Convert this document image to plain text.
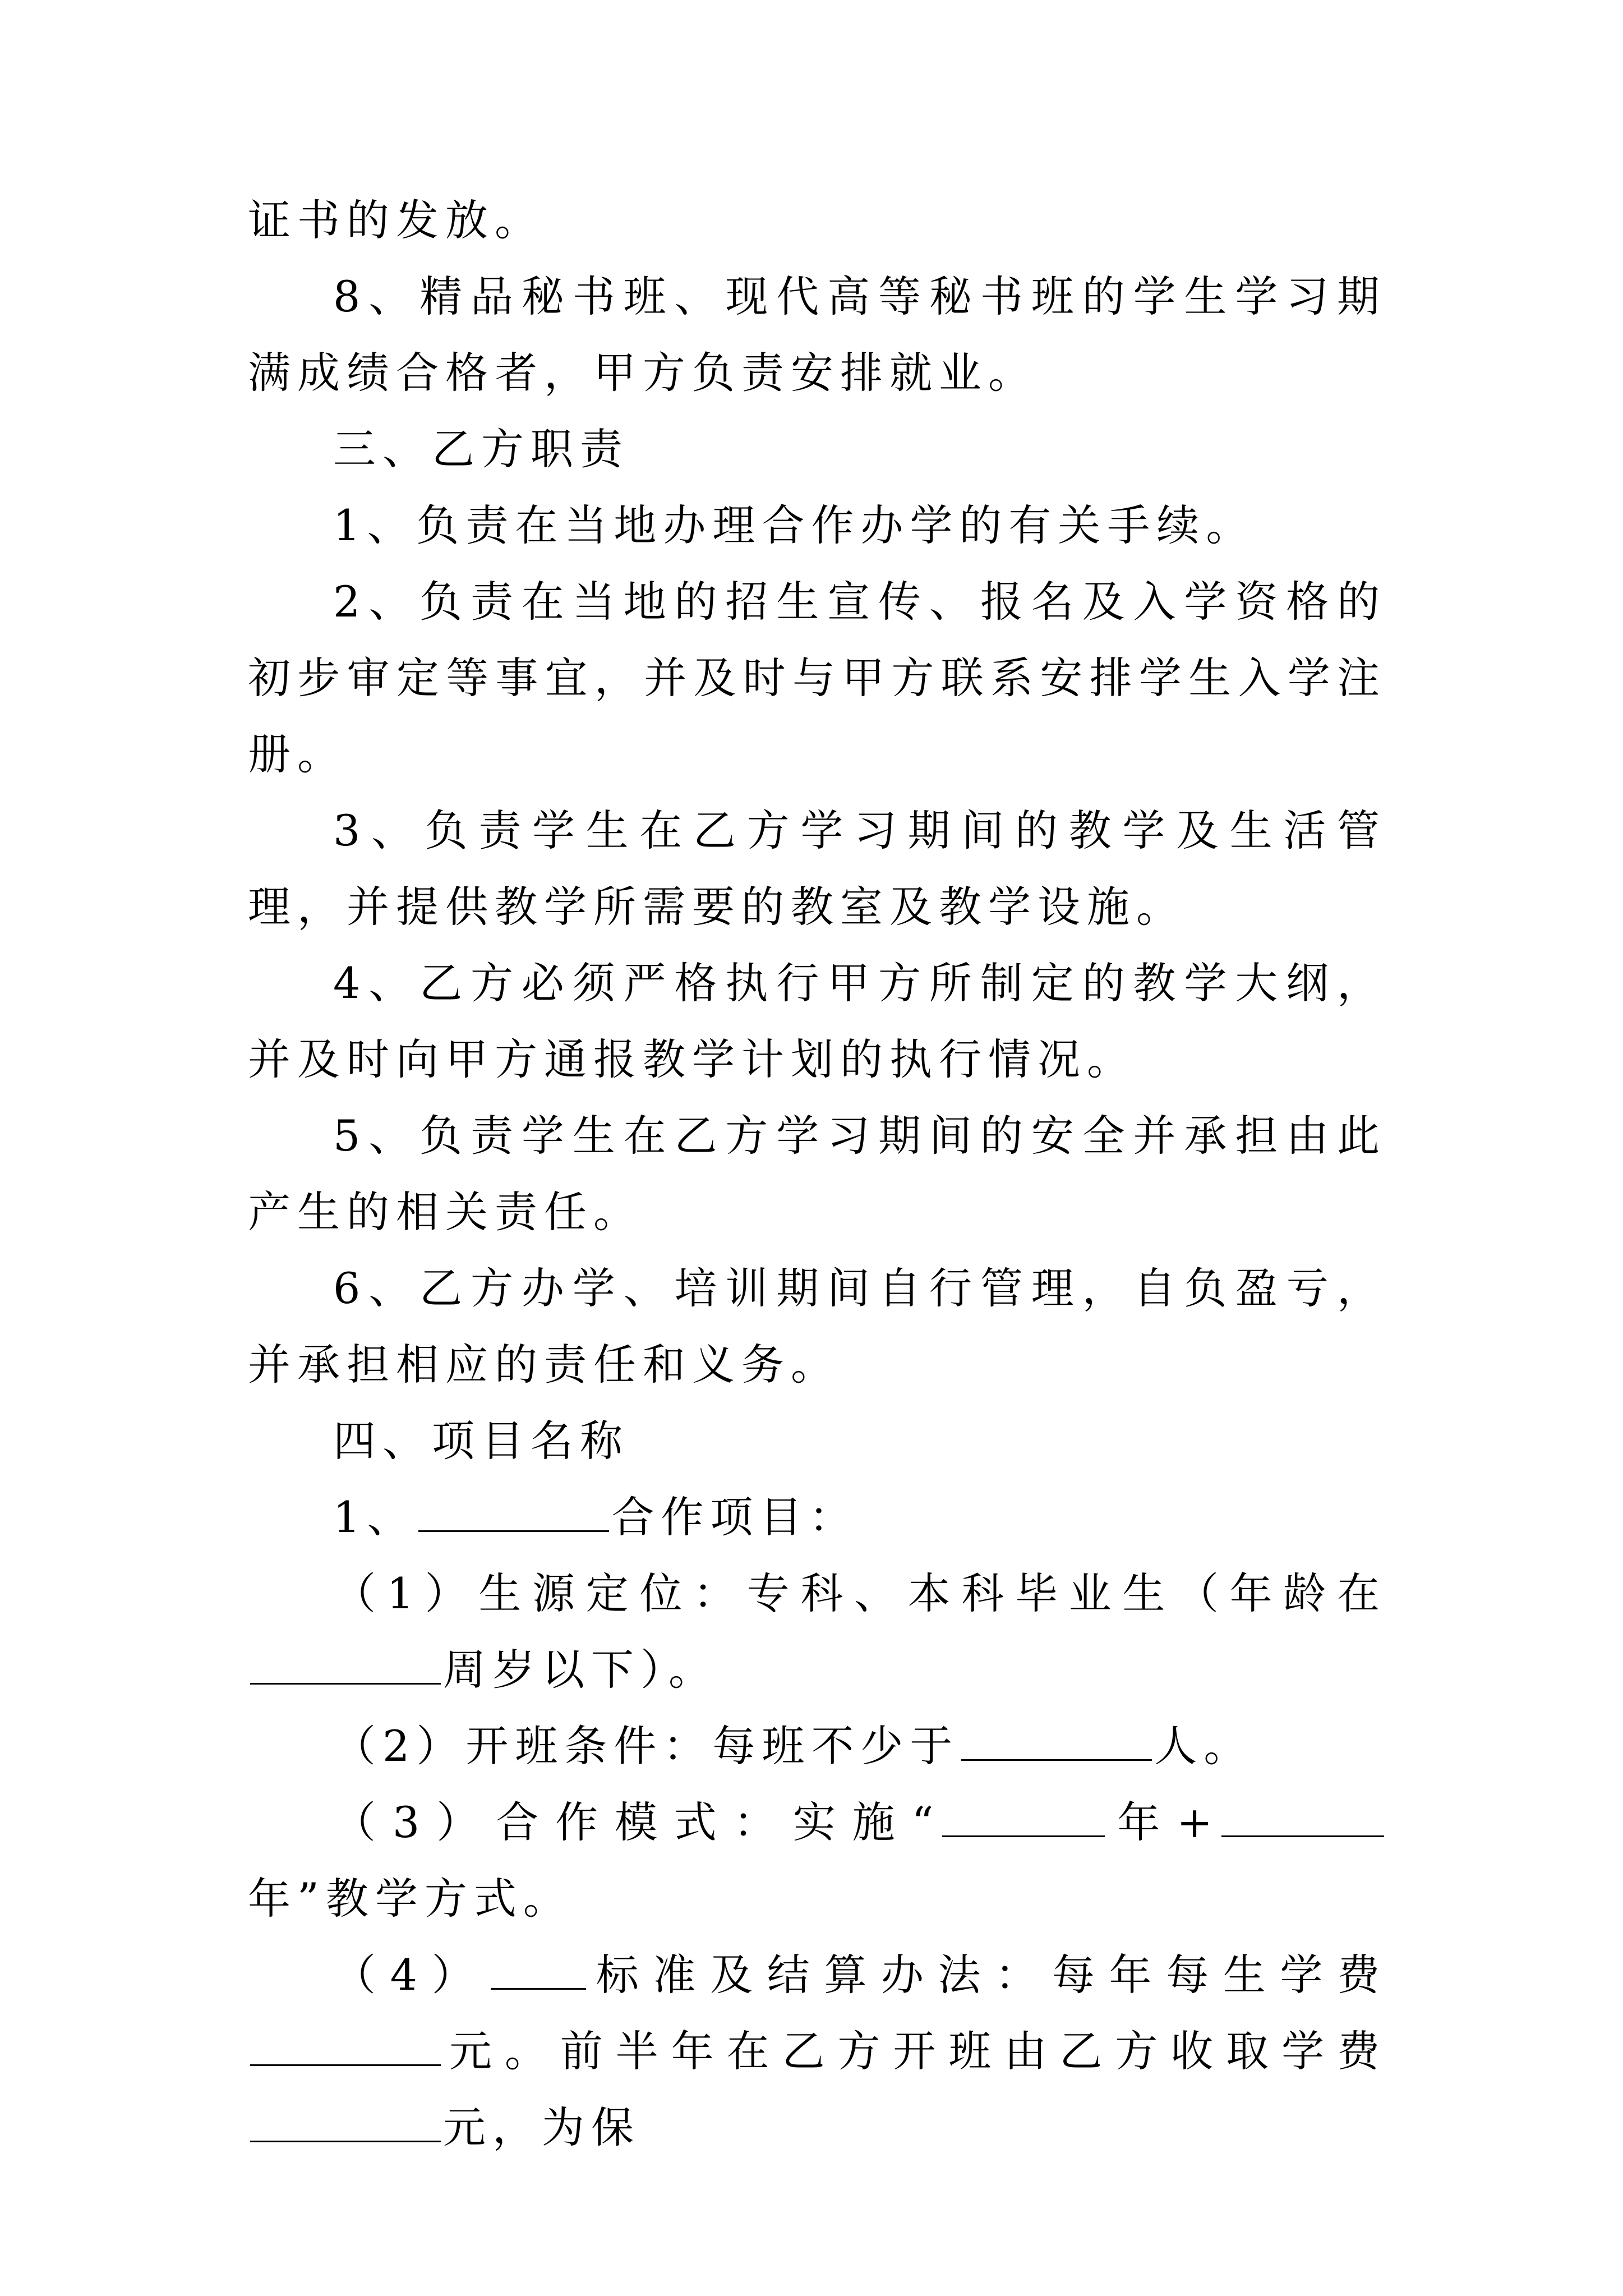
证书的发放。

8、精品秘书班、现代高等秘书班的学生学习期满成绩合格者，甲方负责安排就业。

三、乙方职责

1、负责在当地办理合作办学的有关手续。

2、负责在当地的招生宣传、报名及入学资格的初步审定等事宜，并及时与甲方联系安排学生入学注册。

3、负责学生在乙方学习期间的教学及生活管理，并提供教学所需要的教室及教学设施。

4、乙方必须严格执行甲方所制定的教学大纲，并及时向甲方通报教学计划的执行情况。

5、负责学生在乙方学习期间的安全并承担由此产生的相关责任。

6、乙方办学、培训期间自行管理，自负盈亏，并承担相应的责任和义务。

四、项目名称

1、	合作项目：

（1）生源定位：专科、本科毕业生（年龄在周岁以下）。

（2）开班条件：每班不少于	人。

（3）合作模式：实施“	年+年”教学方式。

（4） 标准及结算办法：每年每生学费元。前半年在乙方开班由乙方收取学费元，为保
